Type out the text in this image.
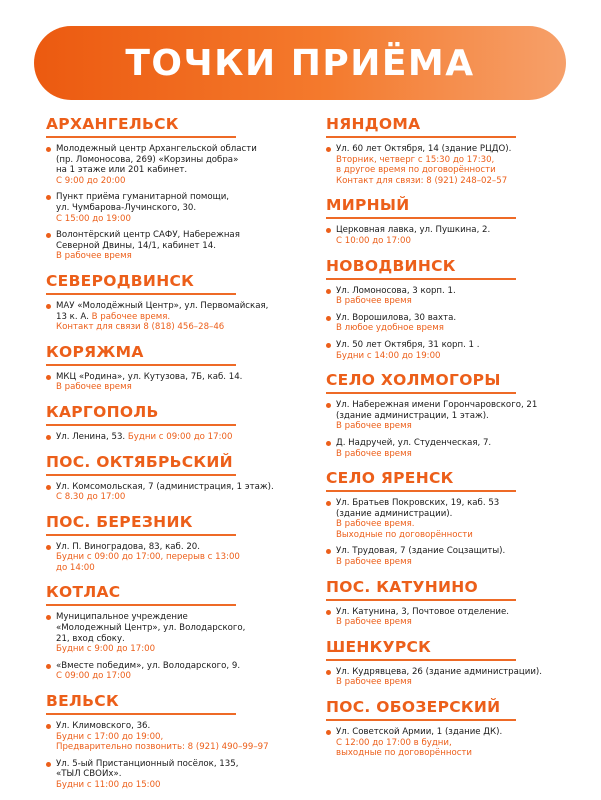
ТОЧКИ ПРИЁМА
АРХАНГЕЛЬСК
Молодежный центр Архангельской области
(пр. Ломоносова, 269) «Корзины добра»
на 1 этаже или 201 кабинет.
С 9:00 до 20:00
Пункт приёма гуманитарной помощи,
ул. Чумбарова-Лучинского, 30.
С 15:00 до 19:00
Волонтёрский центр САФУ, Набережная
Северной Двины, 14/1, кабинет 14.
В рабочее время
СЕВЕРОДВИНСК
МАУ «Молодёжный Центр», ул. Первомайская,
13 к. А. В рабочее время.
Контакт для связи 8 (818) 456–28–46
КОРЯЖМА
МКЦ «Родина», ул. Кутузова, 7Б, каб. 14.
В рабочее время
КАРГОПОЛЬ
Ул. Ленина, 53. Будни с 09:00 до 17:00
ПОС. ОКТЯБРЬСКИЙ
Ул. Комсомольская, 7 (администрация, 1 этаж).
С 8.30 до 17:00
ПОС. БЕРЕЗНИК
Ул. П. Виноградова, 83, каб. 20.
Будни с 09:00 до 17:00, перерыв с 13:00
до 14:00
КОТЛАС
Муниципальное учреждение
«Молодежный Центр», ул. Володарского,
21, вход сбоку.
Будни с 9:00 до 17:00
«Вместе победим», ул. Володарского, 9.
С 09:00 до 17:00
ВЕЛЬСК
Ул. Климовского, 36.
Будни с 17:00 до 19:00,
Предварительно позвонить: 8 (921) 490–99–97
Ул. 5-ый Пристанционный посёлок, 135,
«ТЫЛ СВОИх».
Будни с 11:00 до 15:00
НЯНДОМА
Ул. 60 лет Октября, 14 (здание РЦДО).
Вторник, четверг с 15:30 до 17:30,
в другое время по договорённости
Контакт для связи: 8 (921) 248–02–57
МИРНЫЙ
Церковная лавка, ул. Пушкина, 2.
С 10:00 до 17:00
НОВОДВИНСК
Ул. Ломоносова, 3 корп. 1.
В рабочее время
Ул. Ворошилова, 30 вахта.
В любое удобное время
Ул. 50 лет Октября, 31 корп. 1 .
Будни с 14:00 до 19:00
СЕЛО ХОЛМОГОРЫ
Ул. Набережная имени Горончаровского, 21
(здание администрации, 1 этаж).
В рабочее время
Д. Надручей, ул. Студенческая, 7.
В рабочее время
СЕЛО ЯРЕНСК
Ул. Братьев Покровских, 19, каб. 53
(здание администрации).
В рабочее время.
Выходные по договорённости
Ул. Трудовая, 7 (здание Соцзащиты).
В рабочее время
ПОС. КАТУНИНО
Ул. Катунина, 3, Почтовое отделение.
В рабочее время
ШЕНКУРСК
Ул. Кудрявцева, 26 (здание администрации).
В рабочее время
ПОС. ОБОЗЕРСКИЙ
Ул. Советской Армии, 1 (здание ДК).
С 12:00 до 17:00 в будни,
выходные по договорённости
